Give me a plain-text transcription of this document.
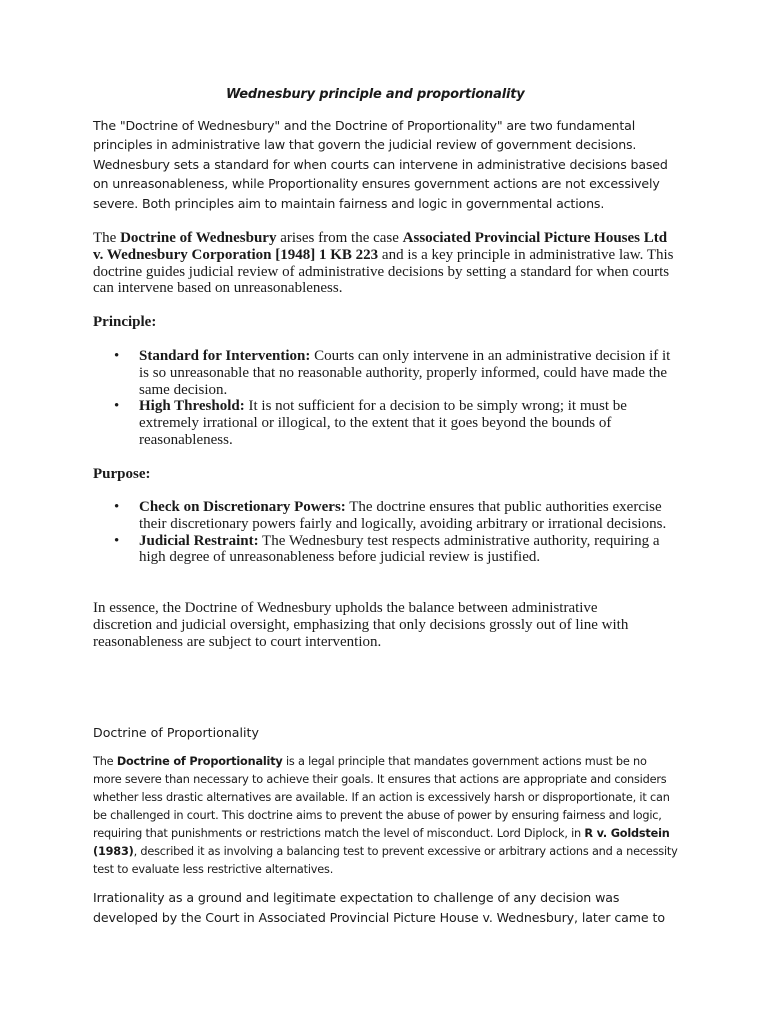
Wednesbury principle and proportionality

The "Doctrine of Wednesbury" and the Doctrine of Proportionality" are two fundamental principles in administrative law that govern the judicial review of government decisions. Wednesbury sets a standard for when courts can intervene in administrative decisions based on unreasonableness, while Proportionality ensures government actions are not excessively severe. Both principles aim to maintain fairness and logic in governmental actions.

The Doctrine of Wednesbury arises from the case Associated Provincial Picture Houses Ltd v. Wednesbury Corporation [1948] 1 KB 223 and is a key principle in administrative law. This doctrine guides judicial review of administrative decisions by setting a standard for when courts can intervene based on unreasonableness.

Principle:

• Standard for Intervention: Courts can only intervene in an administrative decision if it is so unreasonable that no reasonable authority, properly informed, could have made the same decision.
• High Threshold: It is not sufficient for a decision to be simply wrong; it must be extremely irrational or illogical, to the extent that it goes beyond the bounds of reasonableness.

Purpose:

• Check on Discretionary Powers: The doctrine ensures that public authorities exercise their discretionary powers fairly and logically, avoiding arbitrary or irrational decisions.
• Judicial Restraint: The Wednesbury test respects administrative authority, requiring a high degree of unreasonableness before judicial review is justified.

In essence, the Doctrine of Wednesbury upholds the balance between administrative discretion and judicial oversight, emphasizing that only decisions grossly out of line with reasonableness are subject to court intervention.

Doctrine of Proportionality

The Doctrine of Proportionality is a legal principle that mandates government actions must be no more severe than necessary to achieve their goals. It ensures that actions are appropriate and considers whether less drastic alternatives are available. If an action is excessively harsh or disproportionate, it can be challenged in court. This doctrine aims to prevent the abuse of power by ensuring fairness and logic, requiring that punishments or restrictions match the level of misconduct. Lord Diplock, in R v. Goldstein (1983), described it as involving a balancing test to prevent excessive or arbitrary actions and a necessity test to evaluate less restrictive alternatives.

Irrationality as a ground and legitimate expectation to challenge of any decision was developed by the Court in Associated Provincial Picture House v. Wednesbury, later came to
